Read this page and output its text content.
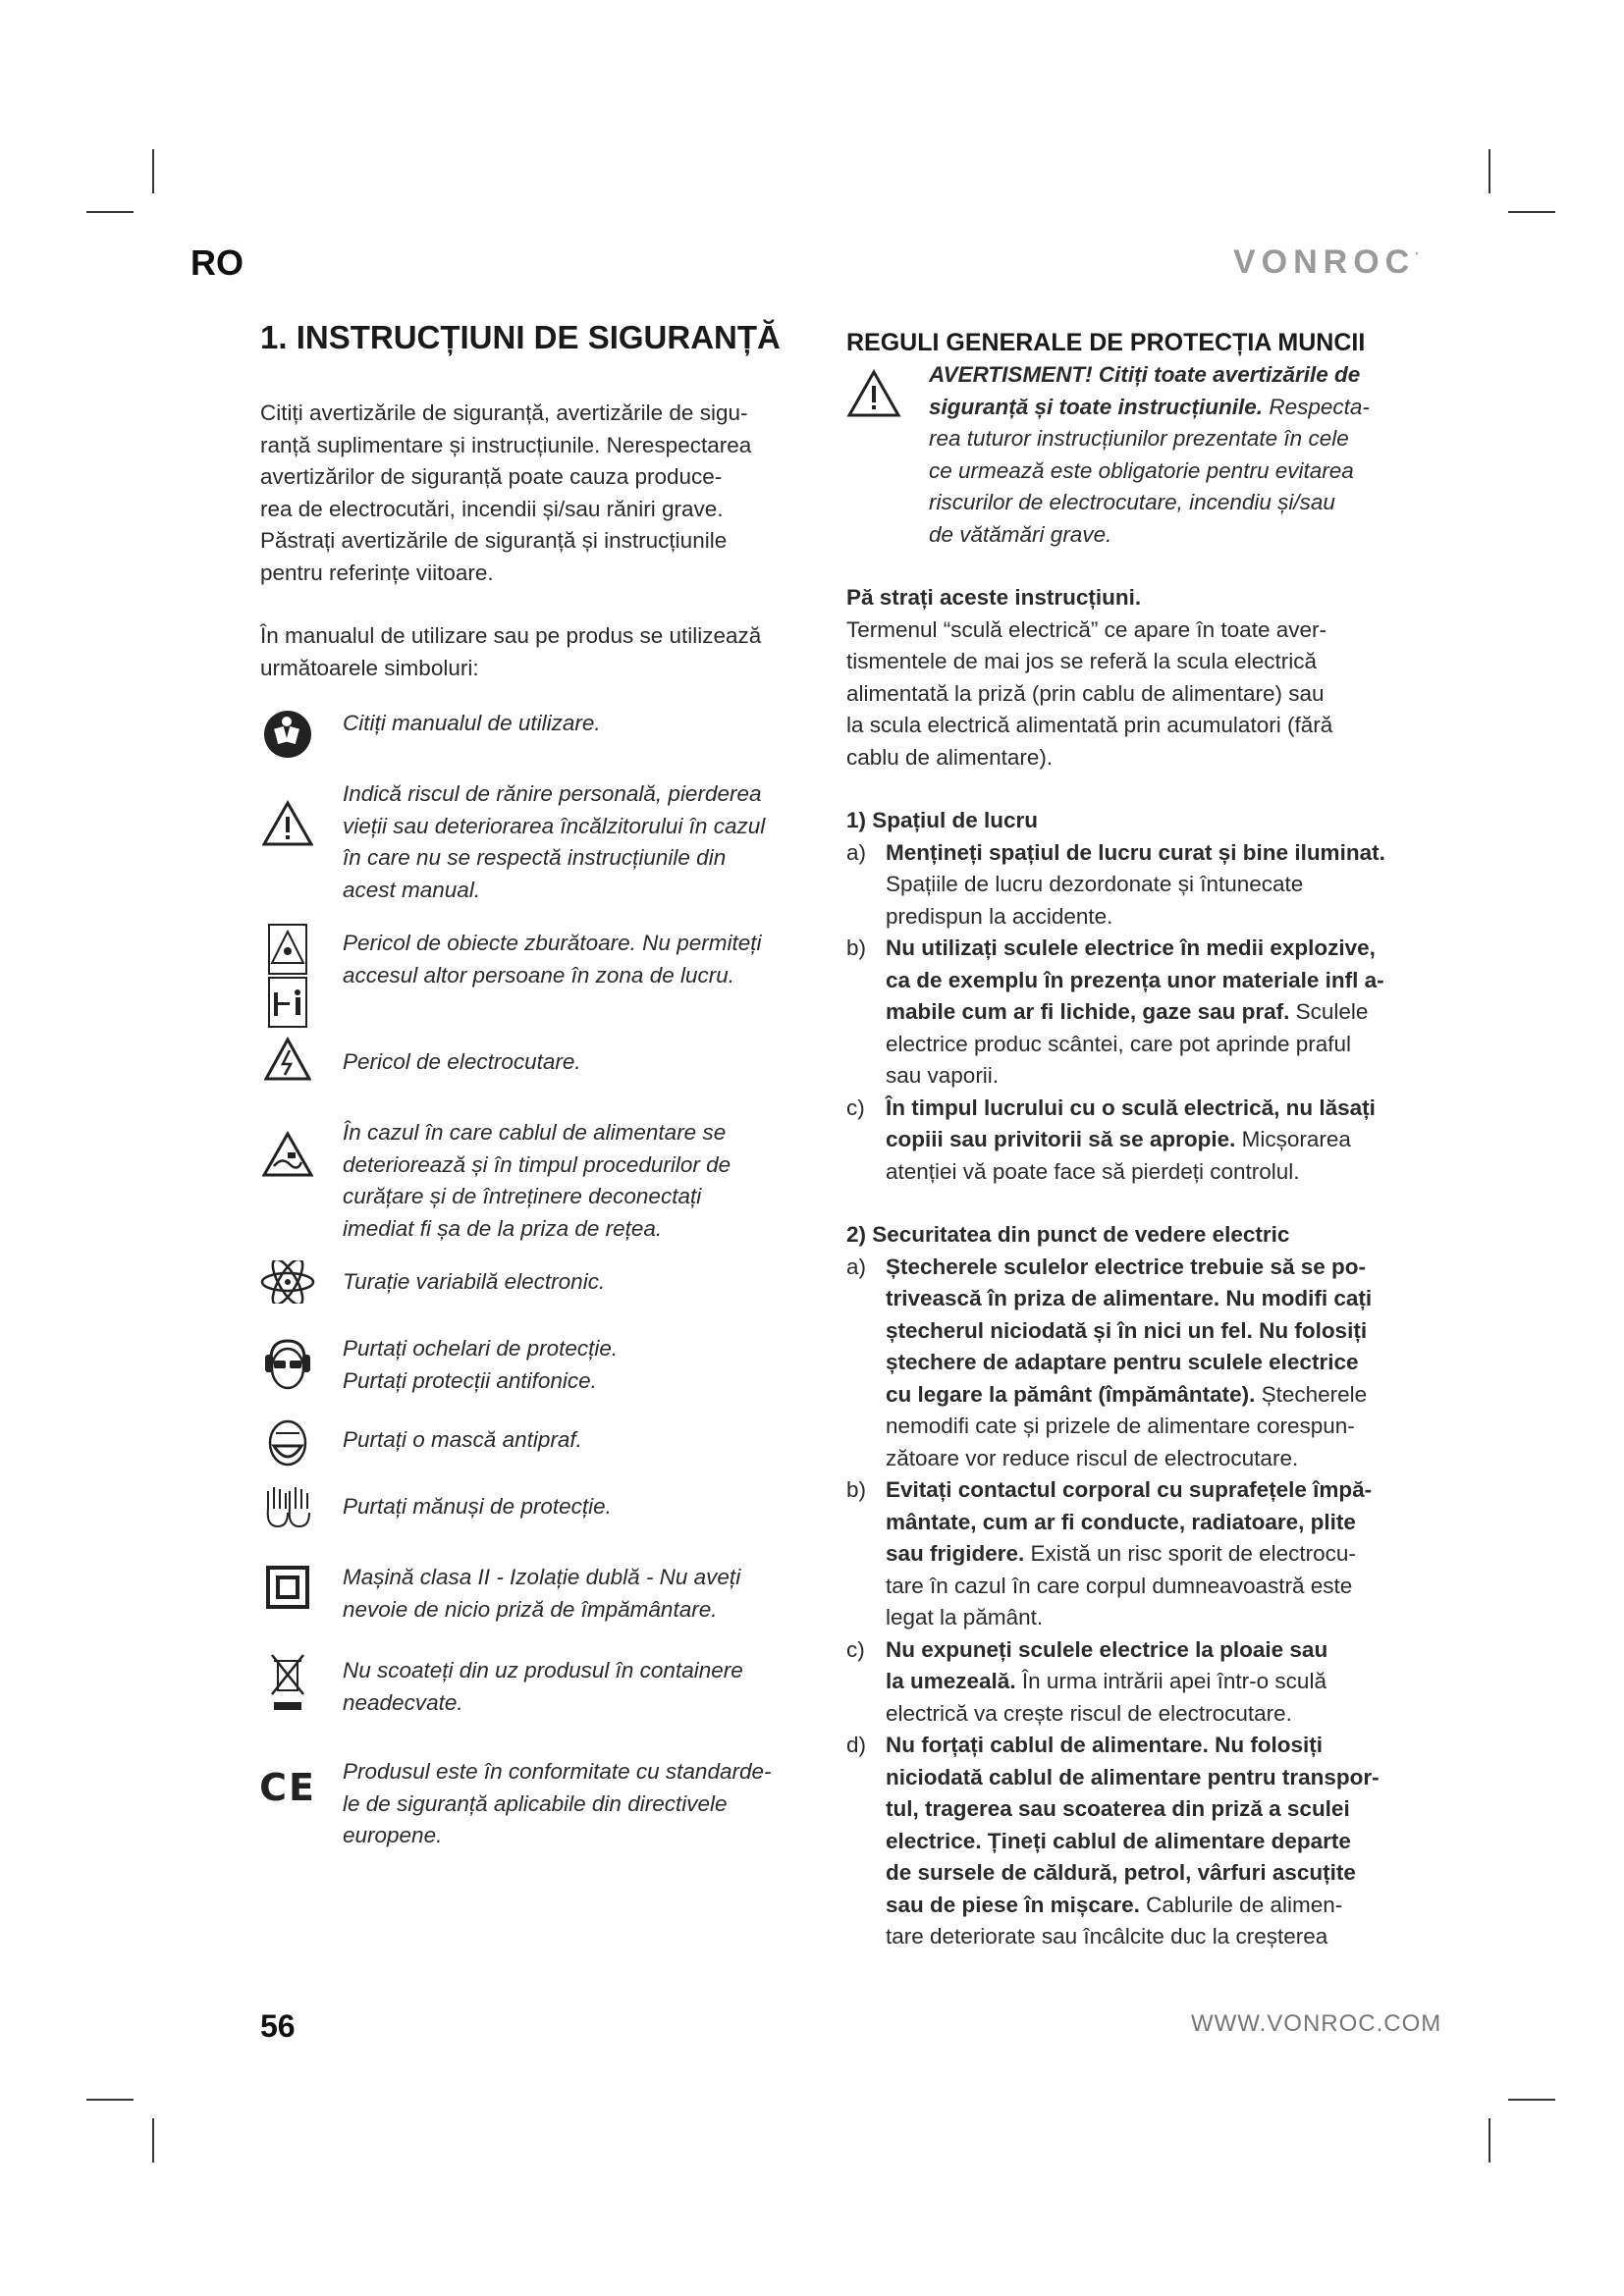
RO	VONROC’
1. INSTRUCȚIUNI DE SIGURANȚĂ

Citiți avertizările de siguranță, avertizările de sigu-

ranță suplimentare și instrucțiunile. Nerespectarea

avertizărilor de siguranță poate cauza producе-

rea de electrocutări, incendii și/sau răniri grave.

Păstrați avertizările de siguranță și instrucțiunile

pentru referințe viitoare.

În manualul de utilizare sau pe produs se utilizează

următoarele simboluri:

Citiți manualul de utilizare.
Indică riscul de rănire personală, pierderea
vieții sau deteriorarea încălzitorului în cazul
în care nu se respectă instrucțiunile din
acest manual.
Pericol de obiecte zburătoare. Nu permiteți
accesul altor persoane în zona de lucru.
Pericol de electrocutare.
În cazul în care cablul de alimentare se
deteriorează și în timpul procedurilor de
curățare și de întreținere deconectați
imediat fi șa de la priza de rețea.
Turație variabilă electronic.
Purtați ochelari de protecție.
Purtați protecții antifonice.
Purtați o mască antipraf.
Purtați mănuși de protecție.
Mașină clasa II - Izolație dublă - Nu aveți
nevoie de nicio priză de împământare.
Nu scoateți din uz produsul în containere
neadecvate.
CE Produsul este în conformitate cu standarde-
le de siguranță aplicabile din directivele
europene.
REGULI GENERALE DE PROTECȚIA MUNCII
AVERTISMENT! Citiți toate avertizările de
siguranță și toate instrucțiunile. Respecta-
rea tuturor instrucțiunilor prezentate în cele
ce urmează este obligatorie pentru evitarea
riscurilor de electrocutare, incendiu și/sau
de vătămări grave.
Pă strați aceste instrucțiuni.

Termenul “sculă electrică” ce apare în toate aver-

tismentele de mai jos se referă la scula electrică

alimentată la priză (prin cablu de alimentare) sau

la scula electrică alimentată prin acumulatori (fără

cablu de alimentare).

1) Spațiul de lucru
a) Mențineți spațiul de lucru curat și bine iluminat.
Spațiile de lucru dezordonate și întunecate
predispun la accidente.
b) Nu utilizați sculele electrice în medii explozive,
ca de exemplu în prezența unor materiale infl a-
mabile cum ar fi lichide, gaze sau praf. Sculele
electrice produc scântei, care pot aprinde praful
sau vaporii.
c) În timpul lucrului cu o sculă electrică, nu lăsați
copiii sau privitorii să se apropie. Micșorarea
atenției vă poate face să pierdeți controlul.
2) Securitatea din punct de vedere electric
a) Ștecherele sculelor electrice trebuie să se po-
trivească în priza de alimentare. Nu modifi cați
ștecherul niciodată și în nici un fel. Nu folosiți
ștechere de adaptare pentru sculele electrice
cu legare la pământ (împământate). Ștecherele
nemodifi cate și prizele de alimentare corespun-
zătoare vor reduce riscul de electrocutare.
b) Evitați contactul corporal cu suprafețele împă-
mântate, cum ar fi conducte, radiatoare, plite
sau frigidere. Există un risc sporit de electrocu-
tare în cazul în care corpul dumneavoastră este
legat la pământ.
c) Nu expuneți sculele electrice la ploaie sau
la umezeală. În urma intrării apei într-o sculă
electrică va crește riscul de electrocutare.
d) Nu forțați cablul de alimentare. Nu folosiți
niciodată cablul de alimentare pentru transpor-
tul, tragerea sau scoaterea din priză a sculei
electrice. Țineți cablul de alimentare departe
de sursele de căldură, petrol, vârfuri ascuțite
sau de piese în mișcare. Cablurile de alimen-
tare deteriorate sau încâlcite duc la creșterea
56	WWW.VONROC.COM
